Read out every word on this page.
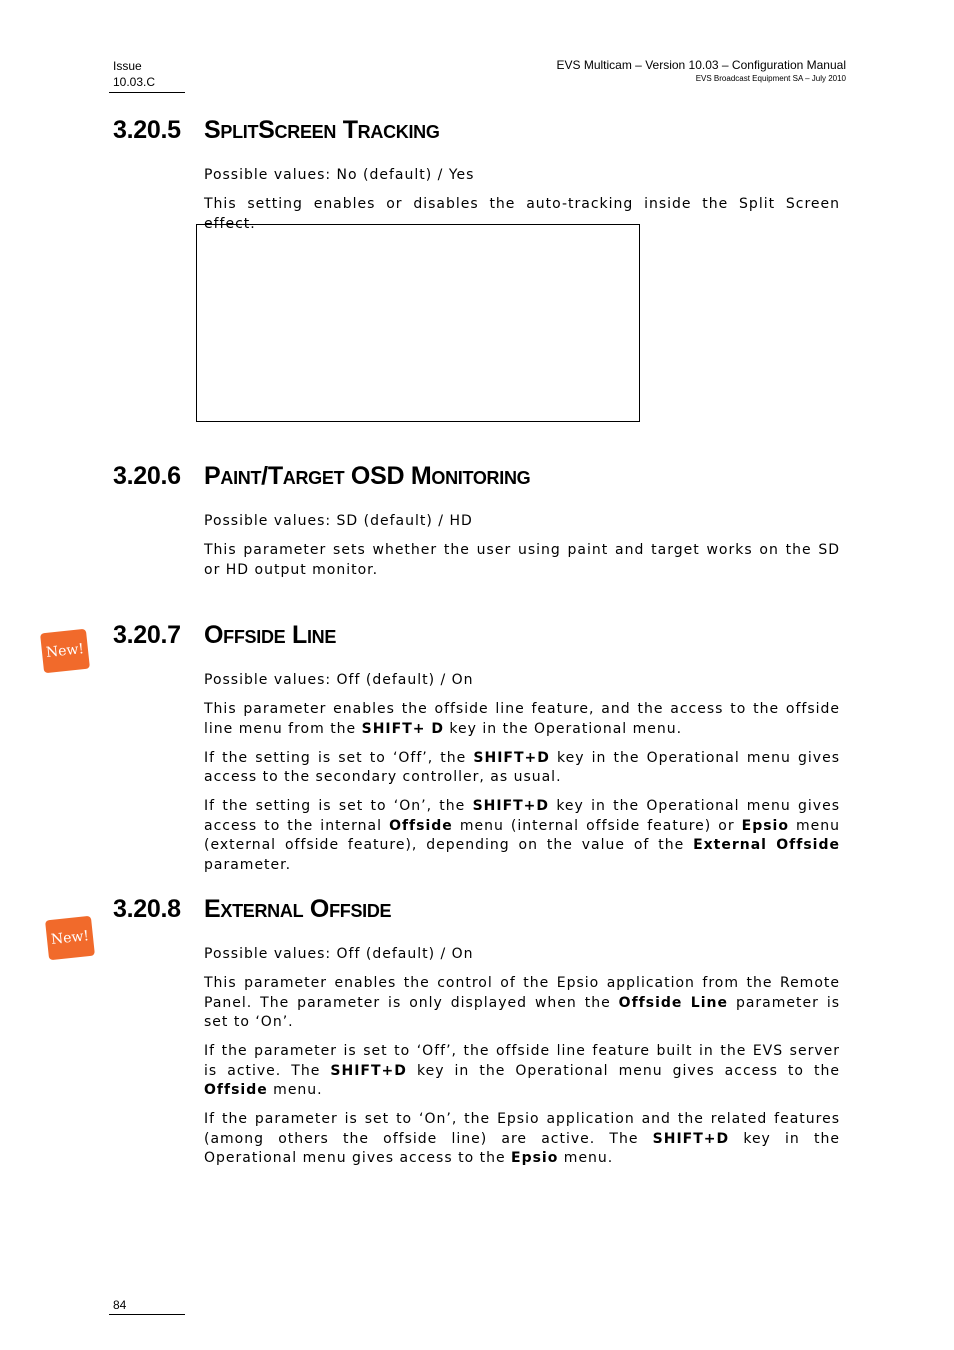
Issue
10.03.C
EVS Multicam – Version 10.03 – Configuration Manual
EVS Broadcast Equipment SA – July 2010
3.20.5 SplitScreen Tracking

Possible values: No (default) / Yes

This setting enables or disables the auto-tracking inside the Split Screen effect.

3.20.6 Paint/Target OSD Monitoring

Possible values: SD (default) / HD

This parameter sets whether the user using paint and target works on the SD or HD output monitor.

New!
3.20.7 Offside Line

Possible values: Off (default) / On

This parameter enables the offside line feature, and the access to the offside line menu from the SHIFT+ D key in the Operational menu.

If the setting is set to ‘Off’, the SHIFT+D key in the Operational menu gives access to the secondary controller, as usual.

If the setting is set to ‘On’, the SHIFT+D key in the Operational menu gives access to the internal Offside menu (internal offside feature) or Epsio menu (external offside feature), depending on the value of the External Offside parameter.

New!
3.20.8 External Offside

Possible values: Off (default) / On

This parameter enables the control of the Epsio application from the Remote Panel. The parameter is only displayed when the Offside Line parameter is set to ‘On’.

If the parameter is set to ‘Off’, the offside line feature built in the EVS server is active. The SHIFT+D key in the Operational menu gives access to the Offside menu.

If the parameter is set to ‘On’, the Epsio application and the related features (among others the offside line) are active. The SHIFT+D key in the Operational menu gives access to the Epsio menu.

84
